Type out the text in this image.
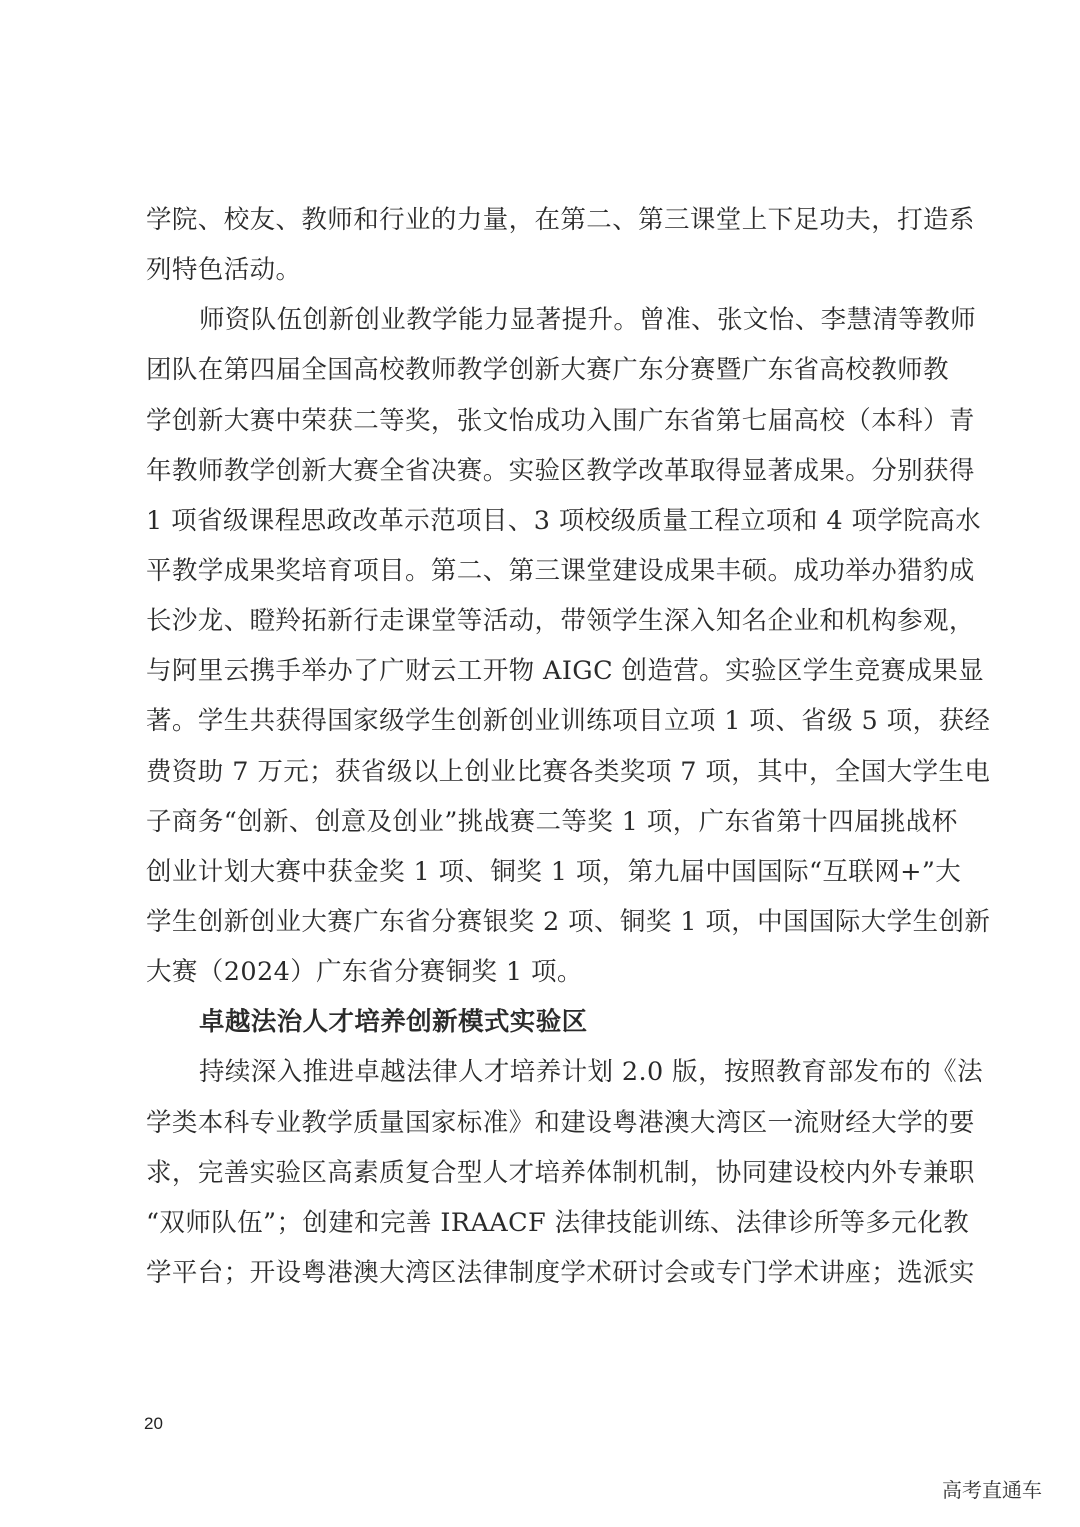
学院、校友、教师和行业的力量，在第二、第三课堂上下足功夫，打造系
列特色活动。
师资队伍创新创业教学能力显著提升。曾准、张文怡、李慧清等教师
团队在第四届全国高校教师教学创新大赛广东分赛暨广东省高校教师教
学创新大赛中荣获二等奖，张文怡成功入围广东省第七届高校（本科）青
年教师教学创新大赛全省决赛。实验区教学改革取得显著成果。分别获得
1 项省级课程思政改革示范项目、3 项校级质量工程立项和 4 项学院高水
平教学成果奖培育项目。第二、第三课堂建设成果丰硕。成功举办猎豹成
长沙龙、瞪羚拓新行走课堂等活动，带领学生深入知名企业和机构参观，
与阿里云携手举办了广财云工开物 AIGC 创造营。实验区学生竞赛成果显
著。学生共获得国家级学生创新创业训练项目立项 1 项、省级 5 项，获经
费资助 7 万元；获省级以上创业比赛各类奖项 7 项，其中，全国大学生电
子商务“创新、创意及创业”挑战赛二等奖 1 项，广东省第十四届挑战杯
创业计划大赛中获金奖 1 项、铜奖 1 项，第九届中国国际“互联网+”大
学生创新创业大赛广东省分赛银奖 2 项、铜奖 1 项，中国国际大学生创新
大赛（2024）广东省分赛铜奖 1 项。
卓越法治人才培养创新模式实验区
持续深入推进卓越法律人才培养计划 2.0 版，按照教育部发布的《法
学类本科专业教学质量国家标准》和建设粤港澳大湾区一流财经大学的要
求，完善实验区高素质复合型人才培养体制机制，协同建设校内外专兼职
“双师队伍”；创建和完善 IRAACF 法律技能训练、法律诊所等多元化教
学平台；开设粤港澳大湾区法律制度学术研讨会或专门学术讲座；选派实
20
高考直通车
